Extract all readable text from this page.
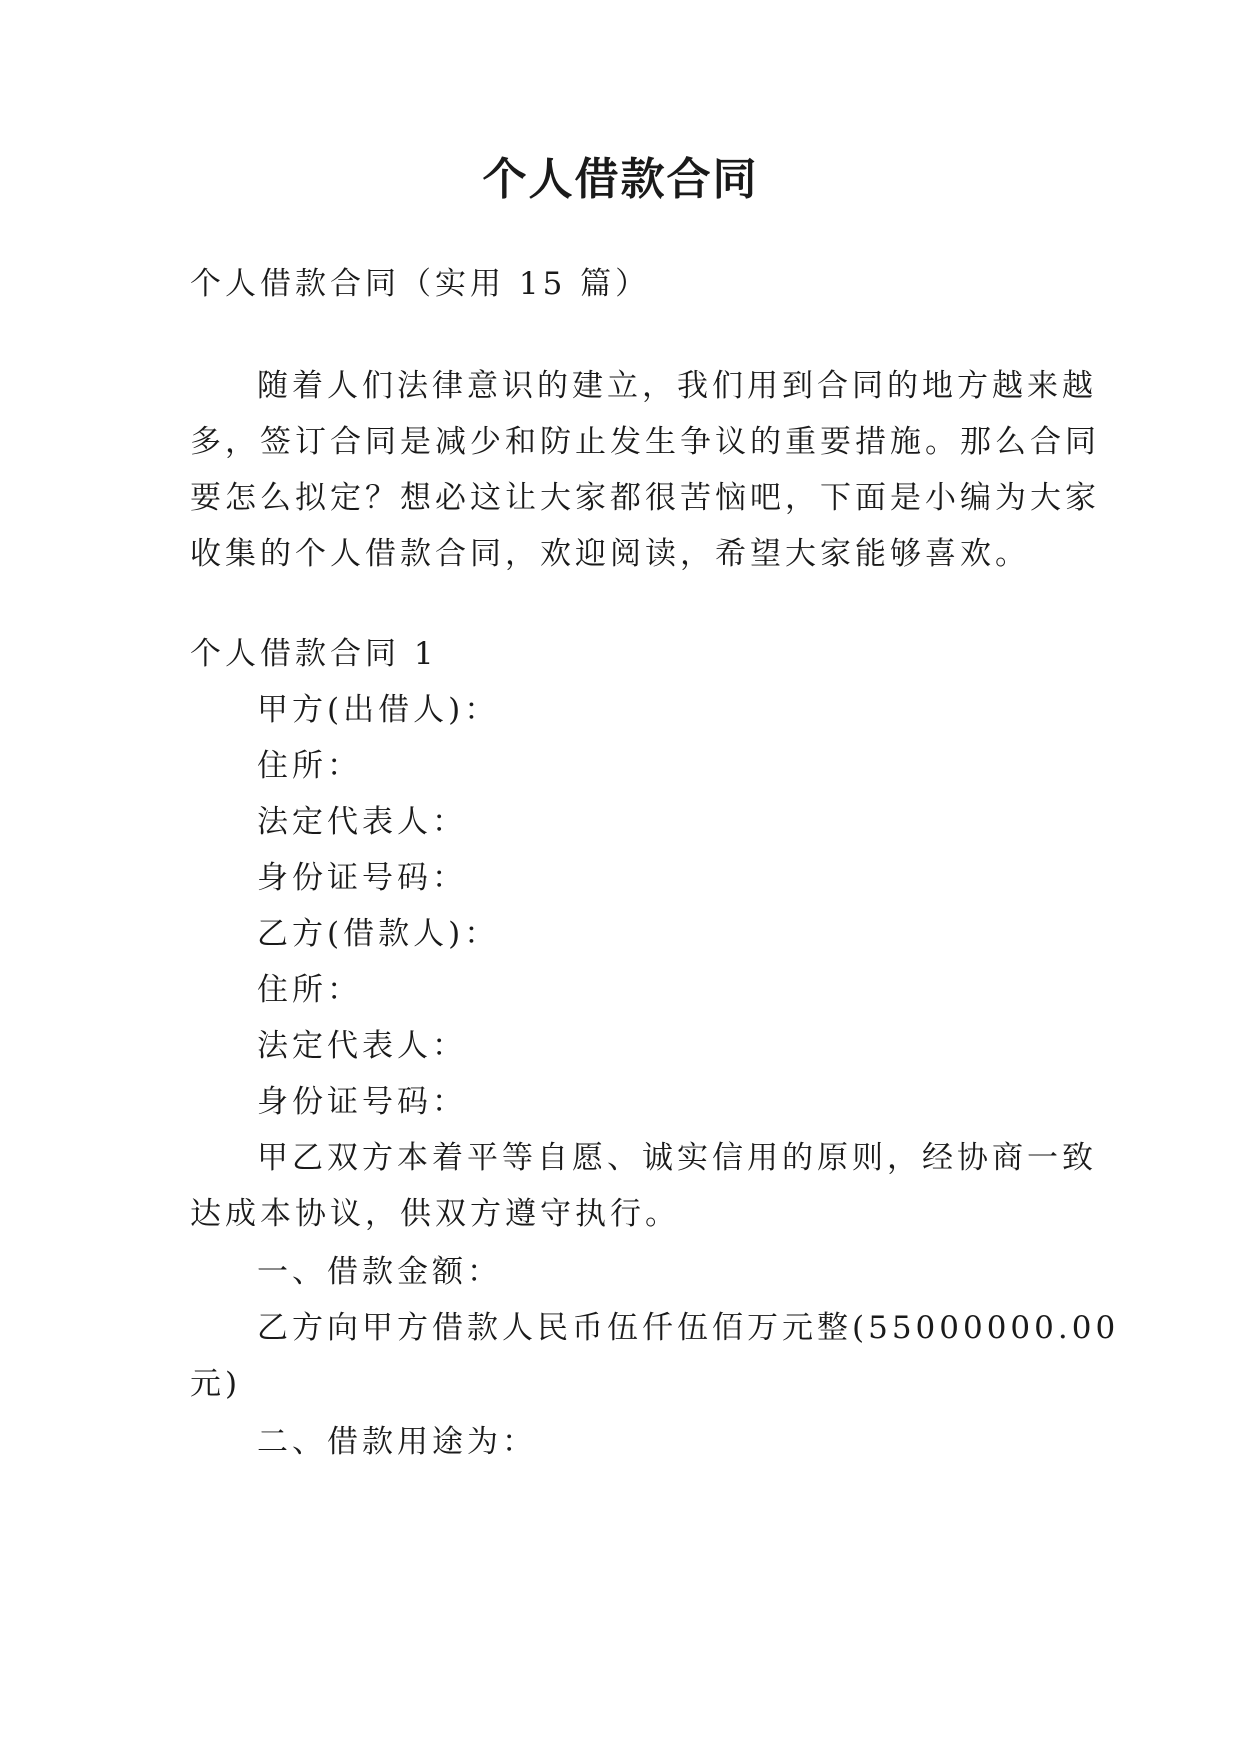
个人借款合同
个人借款合同（实用 15 篇）
随着人们法律意识的建立，我们用到合同的地方越来越
多，签订合同是减少和防止发生争议的重要措施。那么合同
要怎么拟定？想必这让大家都很苦恼吧，下面是小编为大家
收集的个人借款合同，欢迎阅读，希望大家能够喜欢。
个人借款合同 1
甲方(出借人)：
住所：
法定代表人：
身份证号码：
乙方(借款人)：
住所：
法定代表人：
身份证号码：
甲乙双方本着平等自愿、诚实信用的原则，经协商一致
达成本协议，供双方遵守执行。
一、借款金额：
乙方向甲方借款人民币伍仟伍佰万元整(55000000.00
元)
二、借款用途为：
